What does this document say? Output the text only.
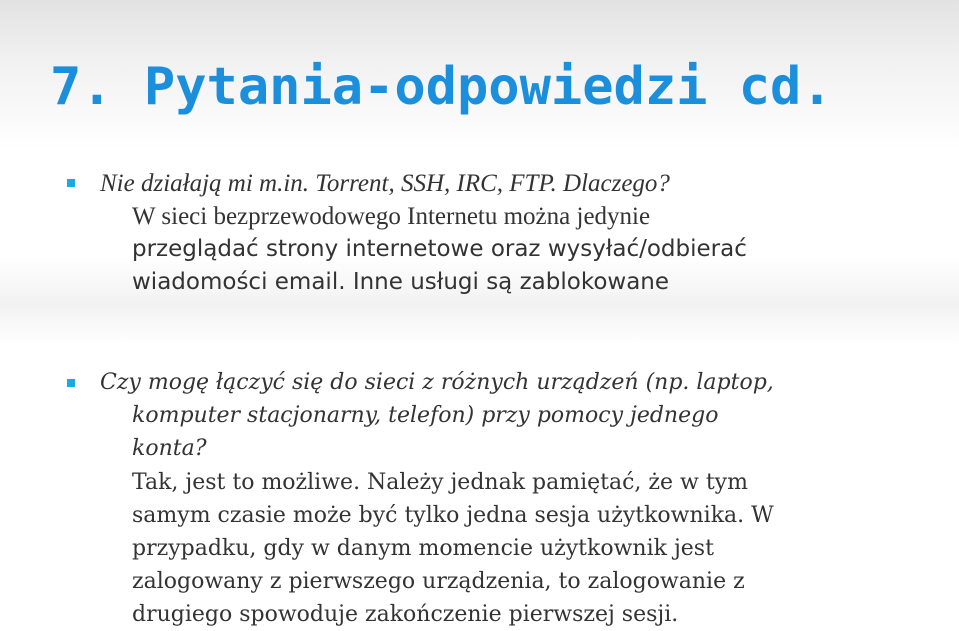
7. Pytania-odpowiedzi cd.
Nie działają mi m.in. Torrent, SSH, IRC, FTP. Dlaczego?
W sieci bezprzewodowego Internetu można jedynie
przeglądać strony internetowe oraz wysyłać/odbierać
wiadomości email. Inne usługi są zablokowane
Czy mogę łączyć się do sieci z różnych urządzeń (np. laptop,
komputer stacjonarny, telefon) przy pomocy jednego
konta?
Tak, jest to możliwe. Należy jednak pamiętać, że w tym
samym czasie może być tylko jedna sesja użytkownika. W
przypadku, gdy w danym momencie użytkownik jest
zalogowany z pierwszego urządzenia, to zalogowanie z
drugiego spowoduje zakończenie pierwszej sesji.
